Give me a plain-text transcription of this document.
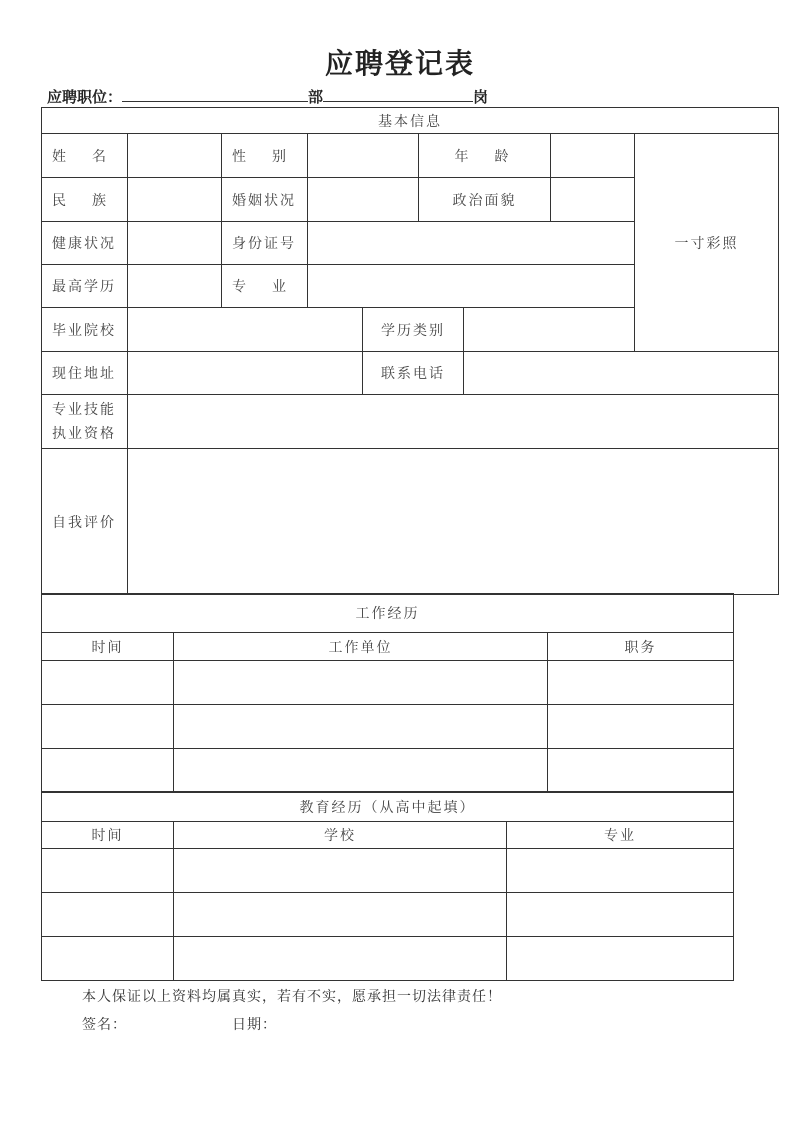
应聘登记表
应聘职位：	部	岗
基本信息								
姓　名		性　别			年　龄			一寸彩照
民　族		婚姻状况			政治面貌			
健康状况		身份证号						
最高学历		专　业						
毕业院校				学历类别				
现住地址				联系电话				

专业技能
执业资格								

自我评价								
工作经历		
时间	工作单位	职务

教育经历（从高中起填）		
时间	学校	专业

本人保证以上资料均属真实，若有不实，愿承担一切法律责任！
签名：	日期：
